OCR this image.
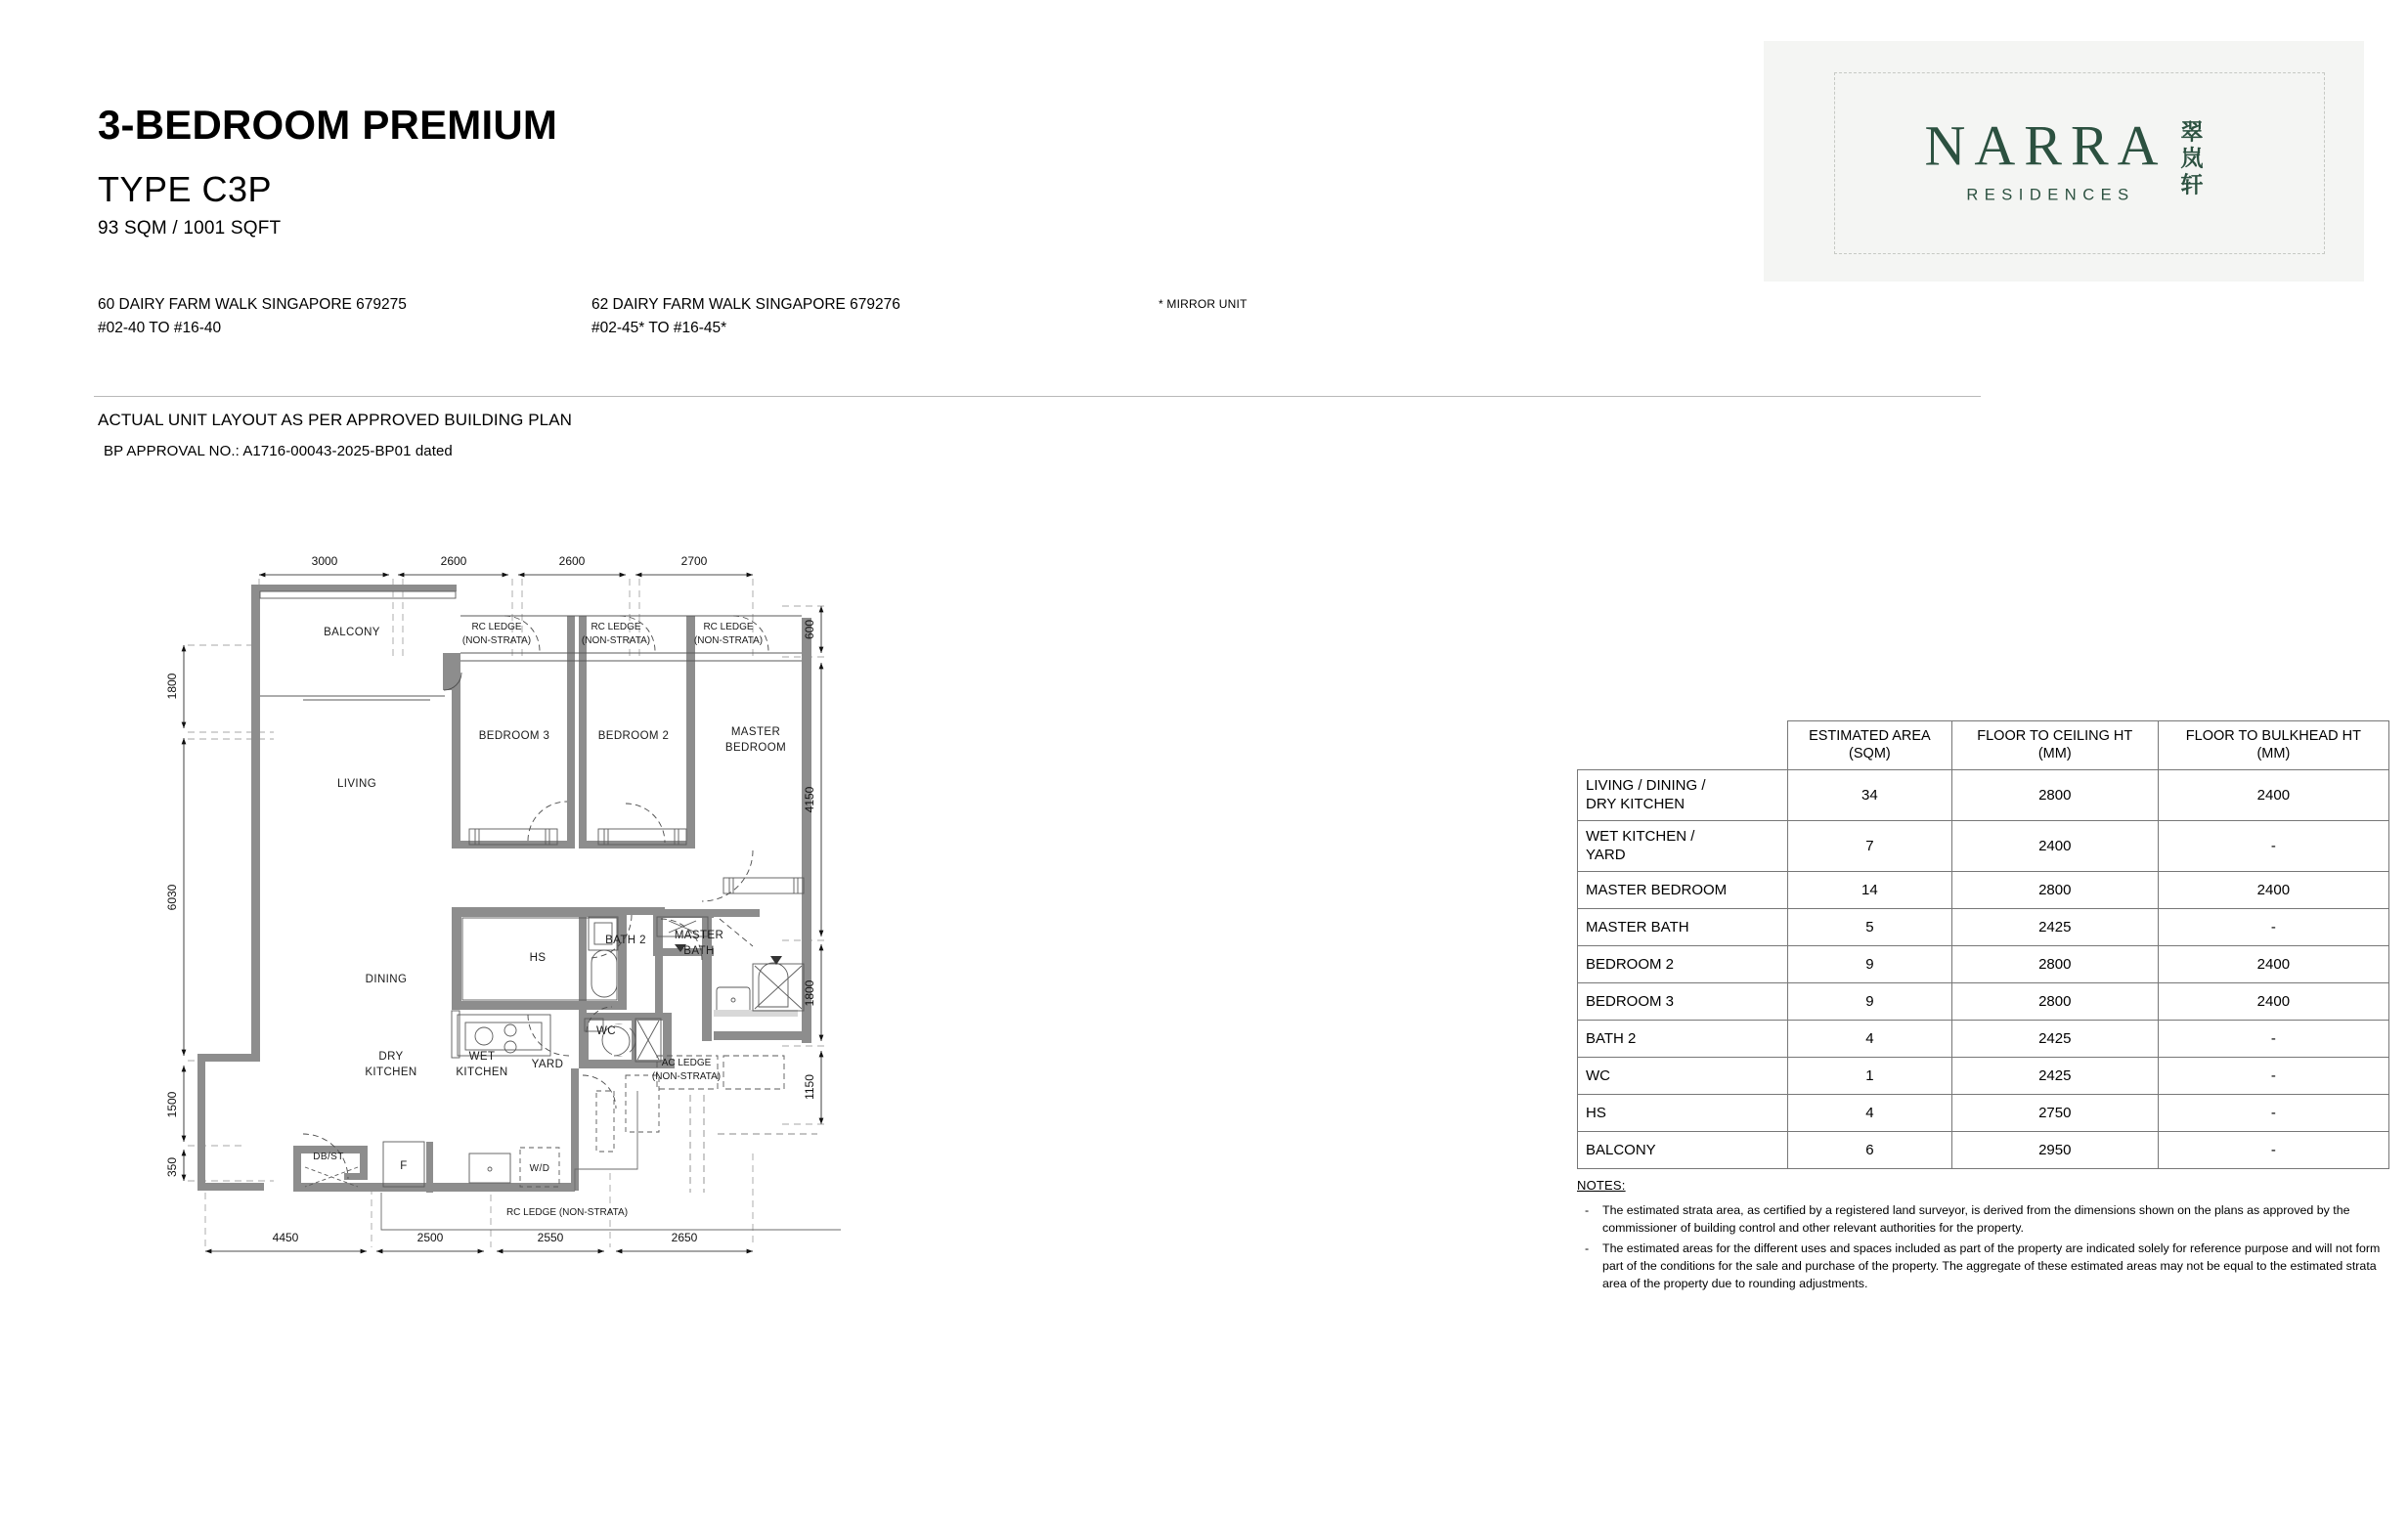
3-BEDROOM PREMIUM
TYPE C3P
93 SQM / 1001 SQFT
60 DAIRY FARM WALK SINGAPORE 679275
#02-40 TO #16-40
62 DAIRY FARM WALK SINGAPORE 679276
#02-45* TO #16-45*
* MIRROR UNIT
ACTUAL UNIT LAYOUT AS PER APPROVED BUILDING PLAN
BP APPROVAL NO.: A1716-00043-2025-BP01 dated
NARRA
RESIDENCES
翠
岚
轩

ESTIMATED AREA
(SQM)

FLOOR TO CEILING HT
(MM)

FLOOR TO BULKHEAD HT
(MM)

LIVING / DINING /
DRY KITCHEN	34	2800	2400

WET KITCHEN /
YARD	7	2400	-

MASTER BEDROOM	14	2800	2400

MASTER BATH	5	2425	-

BEDROOM 2	9	2800	2400

BEDROOM 3	9	2800	2400

BATH 2	4	2425	-

WC	1	2425	-

HS	4	2750	-

BALCONY	6	2950	-
NOTES:
- The estimated strata area, as certified by a registered land surveyor, is derived from the dimensions shown on the plans as approved by the commissioner of building control and other relevant authorities for the property.
- The estimated areas for the different uses and spaces included as part of the property are indicated solely for reference purpose and will not form part of the conditions for the sale and purchase of the property. The aggregate of these estimated areas may not be equal to the estimated strata area of the property due to rounding adjustments.
3000	2600	2600	2700
4450	2500	2550	2650
1800
6030
1500
350
600
4150
1800
1150
BALCONY
LIVING
DINING
BEDROOM 3	BEDROOM 2	MASTER
BEDROOM
MASTER
BATH
BATH 2
WC
HS
DRY
KITCHEN
WET
KITCHEN
YARD
DB/ST
F	W/D
RC LEDGE
(NON-STRATA)
RC LEDGE
(NON-STRATA)
RC LEDGE
(NON-STRATA)
AC LEDGE
(NON-STRATA)
RC LEDGE (NON-STRATA)
